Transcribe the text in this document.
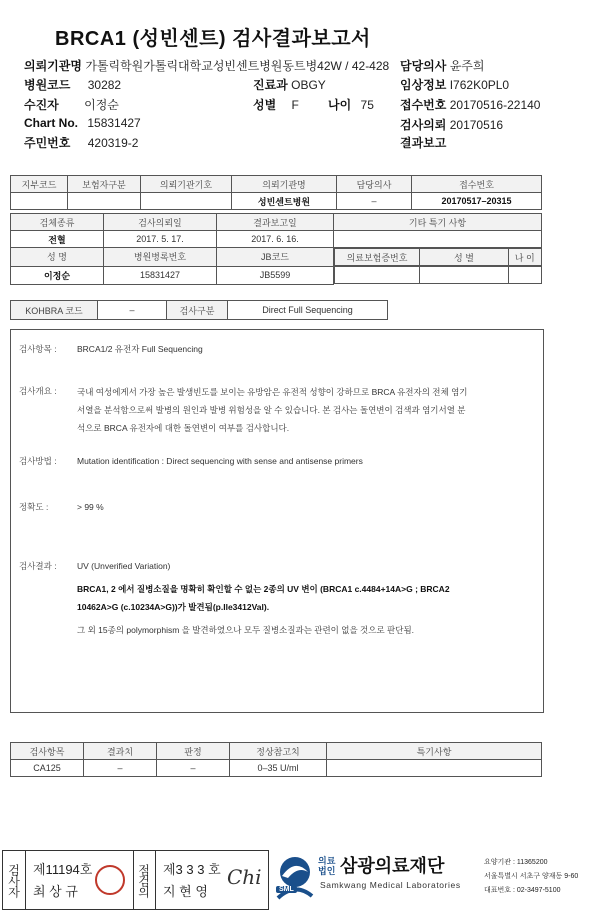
BRCA1 (성빈센트) 검사결과보고서
의뢰기관명 가톨릭학원가톨릭대학교성빈센트병원동트병42W / 42-428 담당의사 윤주희
병원코드 30282	진료과 OBGY	임상정보 I762K0PL0
수진자 이정순	성별 F 나이 75 접수번호 20170516-22140
Chart No. 15831427	검사의뢰 20170516
주민번호 420319-2	결과보고
지부코드	보험자구분	의뢰기관기호	의뢰기관명	담당의사	접수번호
			성빈센트병원	–	20170517–20315
검체종류	검사의뢰일	결과보고일	기타 특기 사항
전혈	2017. 5. 17.	2017. 6. 16.	
성 명	병원병록번호	JB코드		의료보험증번호	성 별	나 이

이정순	15831427	JB5599	

KOHBRA 코드	–	검사구분	Direct Full Sequencing
검사항목 : BRCA1/2 유전자 Full Sequencing
검사개요 : 국내 여성에게서 가장 높은 발생빈도를 보이는 유방암은 유전적 성향이 강하므로 BRCA 유전자의 전체 염기
서열을 분석함으로써 발병의 원인과 발병 위험성을 알 수 있습니다. 본 검사는 돌연변이 검색과 염기서열 분
석으로 BRCA 유전자에 대한 돌연변이 여부를 검사합니다.
검사방법 : Mutation identification : Direct sequencing with sense and antisense primers
정확도 :	> 99 %
검사결과 : UV (Unverified Variation)
BRCA1, 2 에서 질병소질을 명확히 확인할 수 없는 2종의 UV 변이 (BRCA1 c.4484+14A>G ; BRCA2
10462A>G (c.10234A>G))가 발견됨(p.Ile3412Val).
그 외 15종의 polymorphism 을 발견하였으나 모두 질병소질과는 관련이 없을 것으로 판단됨.
검사항목	결과치	판정	정상참고치	특기사항
CA125	–	–	0–35 U/ml	
검사자 제11194호
최 상 규	점검의 제3 3 3 호
지 현 영
Chi
SML
의료
법인 삼광의료재단
Samkwang Medical Laboratories
요양기관 : 11365200
서울특별시 서초구 양재동 9-60
대표번호 : 02-3497-5100
